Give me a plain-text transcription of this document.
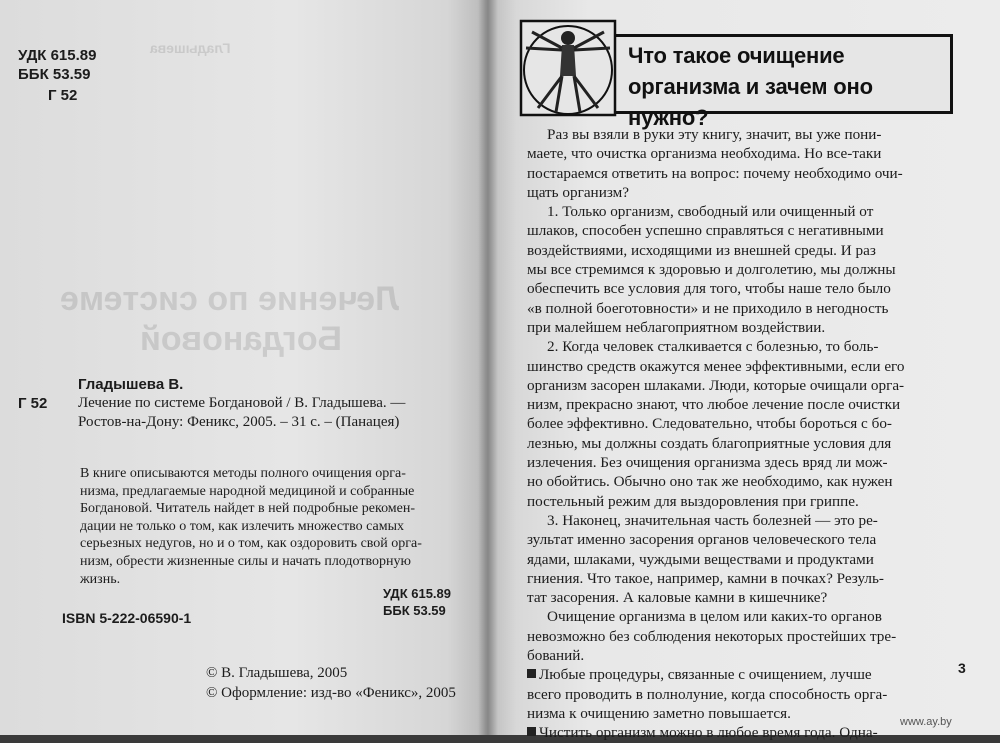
Лечение по системе
Богдановой
Гладышева
УДК 615.89
ББК 53.59
Г 52
Г 52
Гладышева В.
Лечение по системе Богдановой / В. Гладышева. —
Ростов-на-Дону: Феникс, 2005. – 31 с. – (Панацея)
В книге описываются методы полного очищения орга-
низма, предлагаемые народной медициной и собранные
Богдановой. Читатель найдет в ней подробные рекомен-
дации не только о том, как излечить множество самых
серьезных недугов, но и о том, как оздоровить свой орга-
низм, обрести жизненные силы и начать плодотворную
жизнь.
ISBN 5-222-06590-1
УДК 615.89
ББК 53.59
© В. Гладышева, 2005
© Оформление: изд-во «Феникс», 2005
Что такое очищение
организма и зачем оно нужно?
Раз вы взяли в руки эту книгу, значит, вы уже пони-
маете, что очистка организма необходима. Но все-таки
постараемся ответить на вопрос: почему необходимо очи-
щать организм?
1. Только организм, свободный или очищенный от
шлаков, способен успешно справляться с негативными
воздействиями, исходящими из внешней среды. И раз
мы все стремимся к здоровью и долголетию, мы должны
обеспечить все условия для того, чтобы наше тело было
«в полной боеготовности» и не приходило в негодность
при малейшем неблагоприятном воздействии.
2. Когда человек сталкивается с болезнью, то боль-
шинство средств окажутся менее эффективными, если его
организм засорен шлаками. Люди, которые очищали орга-
низм, прекрасно знают, что любое лечение после очистки
более эффективно. Следовательно, чтобы бороться с бо-
лезнью, мы должны создать благоприятные условия для
излечения. Без очищения организма здесь вряд ли мож-
но обойтись. Обычно оно так же необходимо, как нужен
постельный режим для выздоровления при гриппе.
3. Наконец, значительная часть болезней — это ре-
зультат именно засорения органов человеческого тела
ядами, шлаками, чуждыми веществами и продуктами
гниения. Что такое, например, камни в почках? Резуль-
тат засорения. А каловые камни в кишечнике?
Очищение организма в целом или каких-то органов
невозможно без соблюдения некоторых простейших тре-
бований.
Любые процедуры, связанные с очищением, лучше
всего проводить в полнолуние, когда способность орга-
низма к очищению заметно повышается.
Чистить организм можно в любое время года. Одна-
3
www.ay.by
